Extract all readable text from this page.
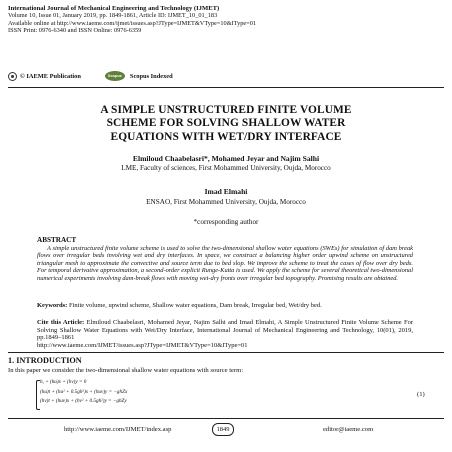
International Journal of Mechanical Engineering and Technology (IJMET)
Volume 10, Issue 01, January 2019, pp. 1849-1861, Article ID: IJMET_10_01_183
Available online at http://www.iaeme.com/ijmet/issues.asp?JType=IJMET&VType=10&IType=01
ISSN Print: 0976-6340 and ISSN Online: 0976-6359
© IAEME Publication	Scopus	Scopus Indexed
A SIMPLE UNSTRUCTURED FINITE VOLUME
SCHEME FOR SOLVING SHALLOW WATER
EQUATIONS WITH WET/DRY INTERFACE
Elmiloud Chaabelasri*, Mohamed Jeyar and Najim Salhi
LME, Faculty of sciences, First Mohammed University, Oujda, Morocco
Imad Elmahi
ENSAO, First Mohammed University, Oujda, Morocco
*corresponding author
ABSTRACT

A simple unstructured finite volume scheme is used to solve the two-dimensional shallow water equations (SWEs) for simulation of dam break flows over irregular beds involving wet and dry interfaces. In space, we construct a balancing higher order upwind scheme on unstructured triangular mesh to approximate the convective and source term due to bed slop. We improve the scheme to treat the cases of flow over dry beds. For temporal derivative approximation, a second-order explicit Runge-Kutta is used. We apply the scheme for several theoretical two-dimensional numerical experiments involving dam-break flows with moving wet-dry fronts over irregular bed topography. Promising results are obtained.

Keywords: Finite volume, upwind scheme, Shallow water equations, Dam break, Irregular bed, Wet/dry bed.

Cite this Article: Elmiloud Chaabelasri, Mohamed Jeyar, Najim Salhi and Imad Elmahi, A Simple Unstructured Finite Volume Scheme For Solving Shallow Water Equations with Wet/Dry Interface, International Journal of Mechanical Engineering and Technology, 10(01), 2019, pp.1849–1861
http://www.iaeme.com/IJMET/issues.asp?JType=IJMET&VType=10&IType=01

1. INTRODUCTION
In this paper we consider the two-dimensional shallow water equations with source term:
h, + (hu)x + (hv)y = 0
(hu)t + (hu² + 0.5gh²)x + (huv)y = −ghZx
(hv)t + (huv)x + (hv² + 0.5gh²)y = −ghZy
(1)
http://www.iaeme.com/IJMET/index.asp	1849	editor@iaeme.com
